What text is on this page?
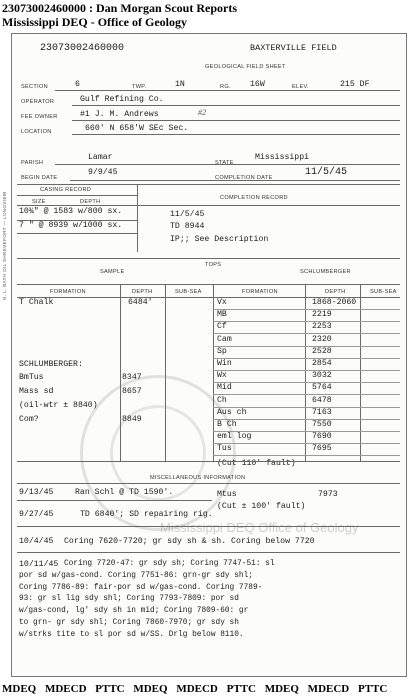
23073002460000 : Dan Morgan Scout Reports
Mississippi DEQ - Office of Geology
Mississippi DEQ Office of Geology
N. L. BATH OIL SHREVEPORT — LONGVIEW
23073002460000	BAXTERVILLE FIELD
GEOLOGICAL FIELD SHEET
SECTION	6	TWP.	1N	RG. 16W	ELEV.	215 DF
OPERATOR	Gulf Refining Co.
FEE OWNER	#1 J. M. Andrews	#2
LOCATION	660' N 658'W SEc Sec.
PARISH
Lamar
STATE
Mississippi
BEGIN DATE
9/9/45
COMPLETION DATE	11/5/45
CASING RECORD
COMPLETION RECORD
SIZE	DEPTH
10¾" @ 1583 w/800 sx.
7 " @ 8939 w/1000 sx.
11/5/45
TD 8944
IP;; See Description
SAMPLE
TOPS
SCHLUMBERGER
FORMATION	DEPTH	SUB-SEA	FORMATION	DEPTH	SUB-SEA
T Chalk	6484'
SCHLUMBERGER:
BmTus	8347
Mass sd	8657
(oil-wtr ± 8840)
Com?	8849
Vx	1868-2060
MB	2219
Cf	2253
Cam	2320
Sp	2528
Win	2854
Wx	3032
Mid	5764
Ch	6478
Aus ch	7163
B Ch	7550
eml log	7690
Tus	7695
(Cut 110' fault)
MISCELLANEOUS INFORMATION
Mtus	7973
(Cut ± 100' fault)
9/13/45	Ran Schl @ TD 1590'.
9/27/45	TD 6840'; SD repairing rig.
10/4/45 Coring 7620-7720; gr sdy sh & sh. Coring below 7720
10/11/45 Coring 7720-47: gr sdy sh; Coring 7747-51: sl
por sd w/gas-cond. Coring 7751-86: grn-gr sdy shl;
Coring 7786-89: fair-por sd w/gas-cond. Coring 7789-
93: gr sl lig sdy shl; Coring 7793-7809: por sd
w/gas-cond, lg' sdy sh in mid; Coring 7809-60: gr
to grn- gr sdy shl; Coring 7860-7970; gr sdy sh
w/strks tite to sl por sd w/SS. Drlg below 8110.
MDEQ MDECD PTTC MDEQ MDECD PTTC MDEQ MDECD PTTC
